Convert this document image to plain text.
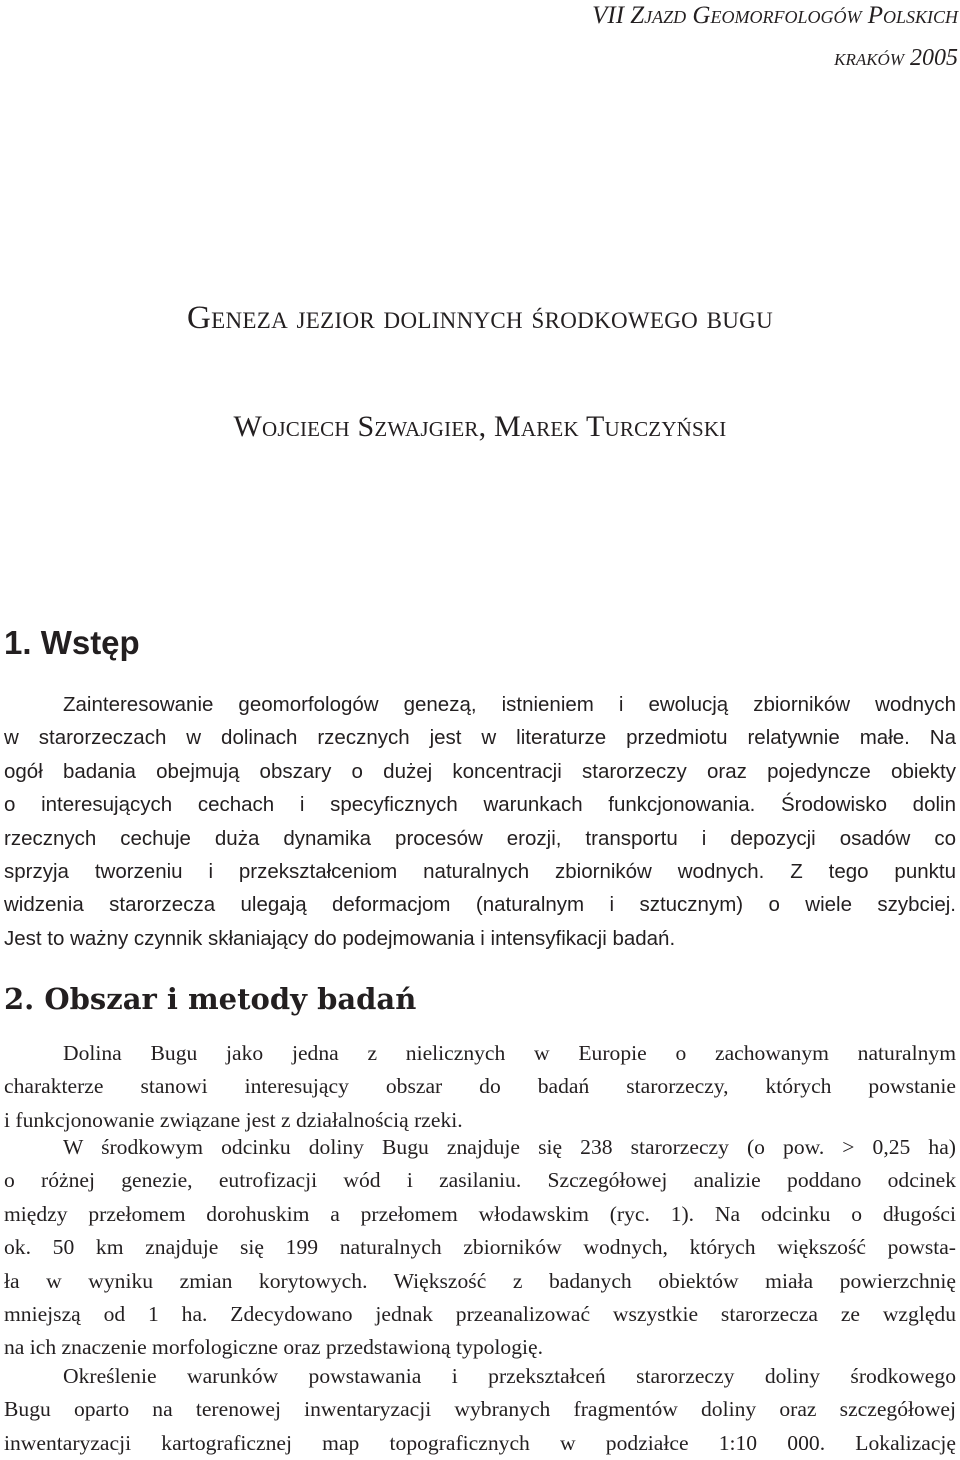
VII Zjazd Geomorfologów Polskich
kraków 2005
Geneza jezior dolinnych środkowego bugu
Wojciech Szwajgier, Marek Turczyński
1. Wstęp

Zainteresowanie geomorfologów genezą, istnieniem i ewolucją zbiorników wodnych
w starorzeczach w dolinach rzecznych jest w literaturze przedmiotu relatywnie małe. Na
ogół badania obejmują obszary o dużej koncentracji starorzeczy oraz pojedyncze obiekty
o interesujących cechach i specyficznych warunkach funkcjonowania. Środowisko dolin
rzecznych cechuje duża dynamika procesów erozji, transportu i depozycji osadów co
sprzyja tworzeniu i przekształceniom naturalnych zbiorników wodnych. Z tego punktu
widzenia starorzecza ulegają deformacjom (naturalnym i sztucznym) o wiele szybciej.
Jest to ważny czynnik skłaniający do podejmowania i intensyfikacji badań.

2. Obszar i metody badań

Dolina Bugu jako jedna z nielicznych w Europie o zachowanym naturalnym
charakterze stanowi interesujący obszar do badań starorzeczy, których powstanie
i funkcjonowanie związane jest z działalnością rzeki.

W środkowym odcinku doliny Bugu znajduje się 238 starorzeczy (o pow. > 0,25 ha)
o różnej genezie, eutrofizacji wód i zasilaniu. Szczegółowej analizie poddano odcinek
między przełomem dorohuskim a przełomem włodawskim (ryc. 1). Na odcinku o długości
ok. 50 km znajduje się 199 naturalnych zbiorników wodnych, których większość powsta-
ła w wyniku zmian korytowych. Większość z badanych obiektów miała powierzchnię
mniejszą od 1 ha. Zdecydowano jednak przeanalizować wszystkie starorzecza ze względu
na ich znaczenie morfologiczne oraz przedstawioną typologię.

Określenie warunków powstawania i przekształceń starorzeczy doliny środkowego
Bugu oparto na terenowej inwentaryzacji wybranych fragmentów doliny oraz szczegółowej
inwentaryzacji kartograficznej map topograficznych w podziałce 1:10 000. Lokalizację
